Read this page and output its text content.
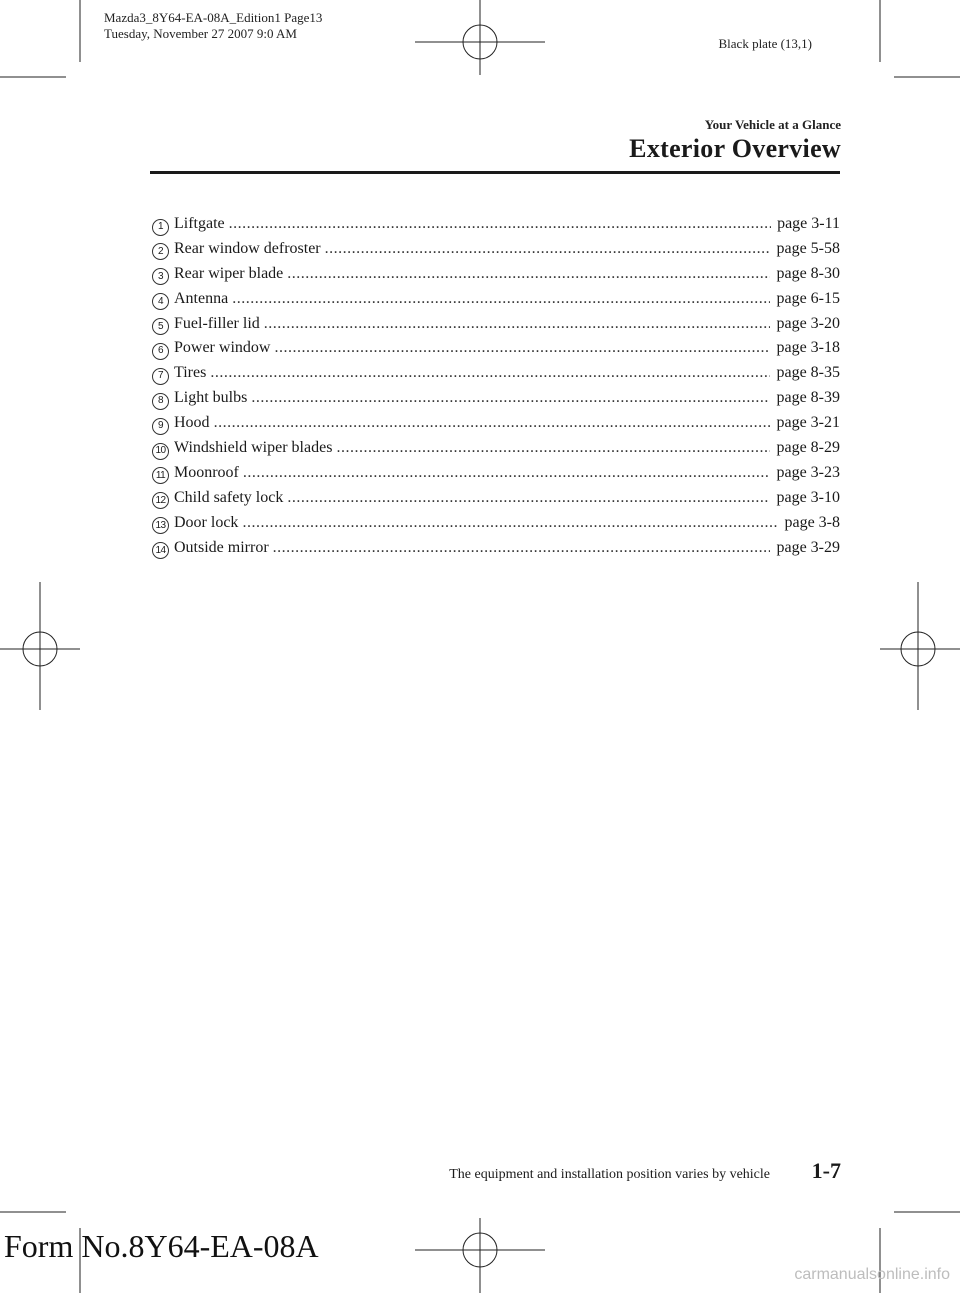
Mazda3_8Y64-EA-08A_Edition1 Page13
Tuesday, November 27 2007 9:0 AM
Black plate (13,1)
Your Vehicle at a Glance
Exterior Overview
1 Liftgate .....	page 3-11
2 Rear window defroster .....	page 5-58
3 Rear wiper blade .....	page 8-30
4 Antenna .....	page 6-15
5 Fuel-filler lid .....	page 3-20
6 Power window .....	page 3-18
7 Tires .....	page 8-35
8 Light bulbs .....	page 8-39
9 Hood .....	page 3-21
10 Windshield wiper blades .....	page 8-29
11 Moonroof .....	page 3-23
12 Child safety lock .....	page 3-10
13 Door lock .....	page 3-8
14 Outside mirror .....	page 3-29
The equipment and installation position varies by vehicle 1-7
Form No.8Y64-EA-08A
carmanualsonline.info
